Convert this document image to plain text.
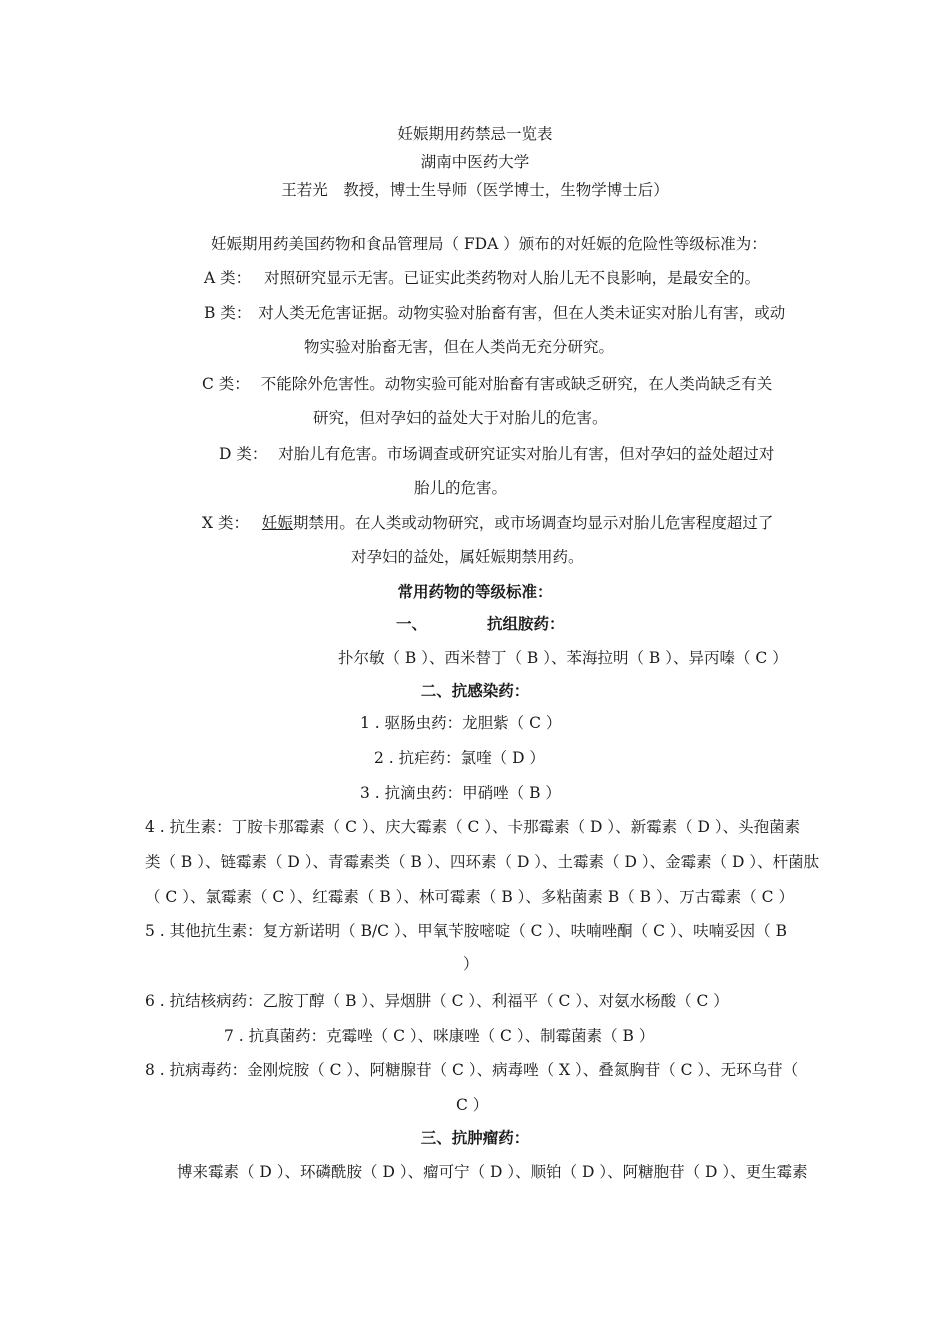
妊娠期用药禁忌一览表
湖南中医药大学
王若光　教授，博士生导师（医学博士，生物学博士后）
妊娠期用药美国药物和食品管理局（ FDA ）颁布的对妊娠的危险性等级标准为：
A 类： 对照研究显示无害。已证实此类药物对人胎儿无不良影响，是最安全的。
B 类： 对人类无危害证据。动物实验对胎畜有害，但在人类未证实对胎儿有害，或动
物实验对胎畜无害，但在人类尚无充分研究。
C 类： 不能除外危害性。动物实验可能对胎畜有害或缺乏研究，在人类尚缺乏有关
研究，但对孕妇的益处大于对胎儿的危害。
D 类： 对胎儿有危害。市场调查或研究证实对胎儿有害，但对孕妇的益处超过对
胎儿的危害。
X 类： 妊娠期禁用。在人类或动物研究，或市场调查均显示对胎儿危害程度超过了
对孕妇的益处，属妊娠期禁用药。
常用药物的等级标准：
一、	抗组胺药：
扑尔敏（ B ）、西米替丁（ B ）、苯海拉明（ B ）、异丙嗪（ C ）
二、抗感染药：
1 . 驱肠虫药：龙胆紫（ C ）
2 . 抗疟药：氯喹（ D ）
3 . 抗滴虫药：甲硝唑（ B ）
4 . 抗生素：丁胺卡那霉素（ C ）、庆大霉素（ C ）、卡那霉素（ D ）、新霉素（ D ）、头孢菌素
类（ B ）、链霉素（ D ）、青霉素类（ B ）、四环素（ D ）、土霉素（ D ）、金霉素（ D ）、杆菌肽
（ C ）、氯霉素（ C ）、红霉素（ B ）、林可霉素（ B ）、多粘菌素 B（ B ）、万古霉素（ C ）
5 . 其他抗生素：复方新诺明（ B/C ）、甲氧苄胺嘧啶（ C ）、呋喃唑酮（ C ）、呋喃妥因（ B
）
6 . 抗结核病药：乙胺丁醇（ B ）、异烟肼（ C ）、利福平（ C ）、对氨水杨酸（ C ）
7 . 抗真菌药：克霉唑（ C ）、咪康唑（ C ）、制霉菌素（ B ）
8 . 抗病毒药：金刚烷胺（ C ）、阿糖腺苷（ C ）、病毒唑（ X ）、叠氮胸苷（ C ）、无环乌苷（
C ）
三、抗肿瘤药：
博来霉素（ D ）、环磷酰胺（ D ）、瘤可宁（ D ）、顺铂（ D ）、阿糖胞苷（ D ）、更生霉素
